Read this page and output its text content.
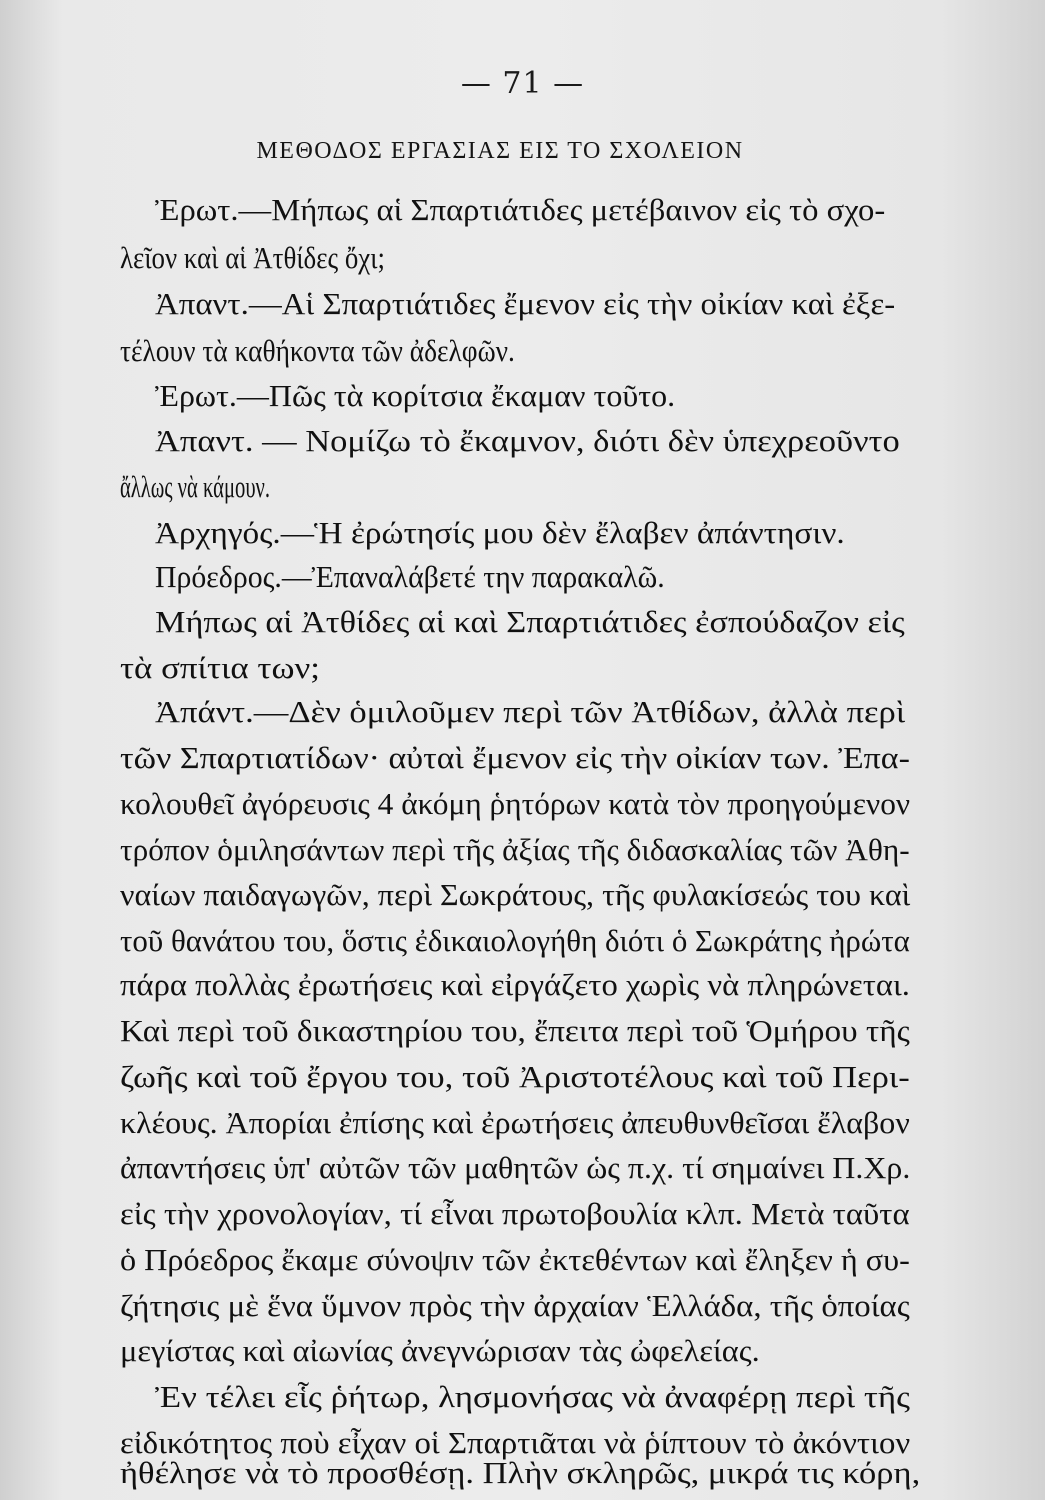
— 71 —
ΜΕΘΟΔΟΣ ΕΡΓΑΣΙΑΣ ΕΙΣ ΤΟ ΣΧΟΛΕΙΟΝ
Ἐρωτ.—Μήπως αἱ Σπαρτιάτιδες μετέβαινον εἰς τὸ σχο-
λεῖον καὶ αἱ Ἀτθίδες ὄχι;
Ἀπαντ.—Αἱ Σπαρτιάτιδες ἔμενον εἰς τὴν οἰκίαν καὶ ἐξε-
τέλουν τὰ καθήκοντα τῶν ἀδελφῶν.
Ἐρωτ.—Πῶς τὰ κορίτσια ἔκαμαν τοῦτο.
Ἀπαντ. — Νομίζω τὸ ἔκαμνον, διότι δὲν ὑπεχρεοῦντο
ἄλλως νὰ κάμουν.
Ἀρχηγός.—Ἡ ἐρώτησίς μου δὲν ἔλαβεν ἀπάντησιν.
Πρόεδρος.—Ἐπαναλάβετέ την παρακαλῶ.
Μήπως αἱ Ἀτθίδες αἱ καὶ Σπαρτιάτιδες ἐσπούδαζον εἰς
τὰ σπίτια των;
Ἀπάντ.—Δὲν ὁμιλοῦμεν περὶ τῶν Ἀτθίδων, ἀλλὰ περὶ
τῶν Σπαρτιατίδων· αὐταὶ ἔμενον εἰς τὴν οἰκίαν των. Ἐπα-
κολουθεῖ ἀγόρευσις 4 ἀκόμη ῥητόρων κατὰ τὸν προηγούμενον
τρόπον ὁμιλησάντων περὶ τῆς ἀξίας τῆς διδασκαλίας τῶν Ἀθη-
ναίων παιδαγωγῶν, περὶ Σωκράτους, τῆς φυλακίσεώς του καὶ
τοῦ θανάτου του, ὅστις ἐδικαιολογήθη διότι ὁ Σωκράτης ἠρώτα
πάρα πολλὰς ἐρωτήσεις καὶ εἰργάζετο χωρὶς νὰ πληρώνεται.
Καὶ περὶ τοῦ δικαστηρίου του, ἔπειτα περὶ τοῦ Ὁμήρου τῆς
ζωῆς καὶ τοῦ ἔργου του, τοῦ Ἀριστοτέλους καὶ τοῦ Περι-
κλέους. Ἀπορίαι ἐπίσης καὶ ἐρωτήσεις ἀπευθυνθεῖσαι ἔλαβον
ἀπαντήσεις ὑπ' αὐτῶν τῶν μαθητῶν ὡς π.χ. τί σημαίνει Π.Χρ.
εἰς τὴν χρονολογίαν, τί εἶναι πρωτοβουλία κλπ. Μετὰ ταῦτα
ὁ Πρόεδρος ἔκαμε σύνοψιν τῶν ἐκτεθέντων καὶ ἔληξεν ἡ συ-
ζήτησις μὲ ἕνα ὕμνον πρὸς τὴν ἀρχαίαν Ἑλλάδα, τῆς ὁποίας
μεγίστας καὶ αἰωνίας ἀνεγνώρισαν τὰς ὠφελείας.
Ἐν τέλει εἷς ῥήτωρ, λησμονήσας νὰ ἀναφέρῃ περὶ τῆς
εἰδικότητος ποὺ εἶχαν οἱ Σπαρτιᾶται νὰ ῥίπτουν τὸ ἀκόντιον
ἠθέλησε νὰ τὸ προσθέσῃ. Πλὴν σκληρῶς, μικρά τις κόρη,
